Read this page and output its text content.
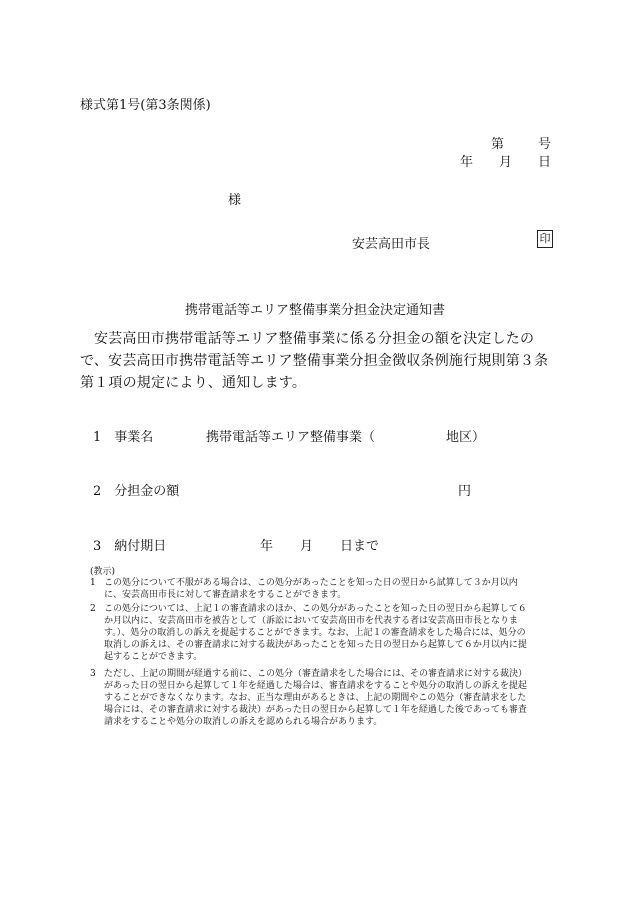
様式第1号(第3条関係)
第	号
年 月 日
様
安芸高田市長	印
携帯電話等エリア整備事業分担金決定通知書
安芸高田市携帯電話等エリア整備事業に係る分担金の額を決定したので、安芸高田市携帯電話等エリア整備事業分担金徴収条例施行規則第３条第１項の規定により、通知します。
1　事業名	携帯電話等エリア整備事業（	地区）
2　分担金の額	円
3　納付期日	年 月 日まで
(教示)
1 この処分について不服がある場合は、この処分があったことを知った日の翌日から試算して３か月以内に、安芸高田市長に対して審査請求をすることができます。
2 この処分については、上記１の審査請求のほか、この処分があったことを知った日の翌日から起算して６か月以内に、安芸高田市を被告として（訴訟において安芸高田市を代表する者は安芸高田市長となります。）、処分の取消しの訴えを提起することができます。なお、上記１の審査請求をした場合には、処分の取消しの訴えは、その審査請求に対する裁決があったことを知った日の翌日から起算して６か月以内に提起することができます。
3 ただし、上記の期間が経過する前に、この処分（審査請求をした場合には、その審査請求に対する裁決）があった日の翌日から起算して１年を経過した場合は、審査請求をすることや処分の取消しの訴えを提起することができなくなります。なお、正当な理由があるときは、上記の期間やこの処分（審査請求をした場合には、その審査請求に対する裁決）があった日の翌日から起算して１年を経過した後であっても審査請求をすることや処分の取消しの訴えを認められる場合があります。
